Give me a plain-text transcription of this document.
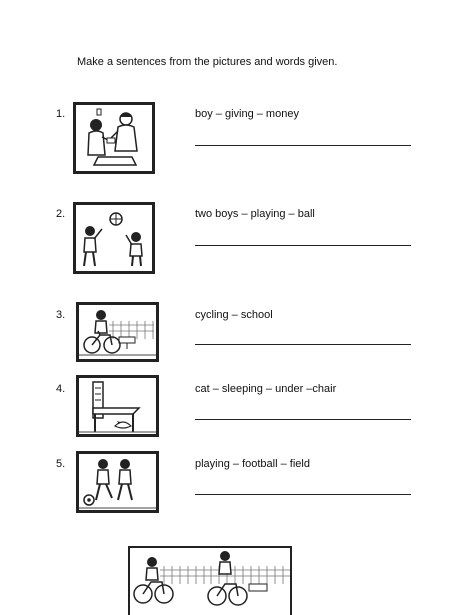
Make a sentences from the pictures and words given.
1.	boy – giving – money
2.	two boys – playing – ball
3.	cycling – school
4.	cat – sleeping – under –chair
5.	playing – football – field
